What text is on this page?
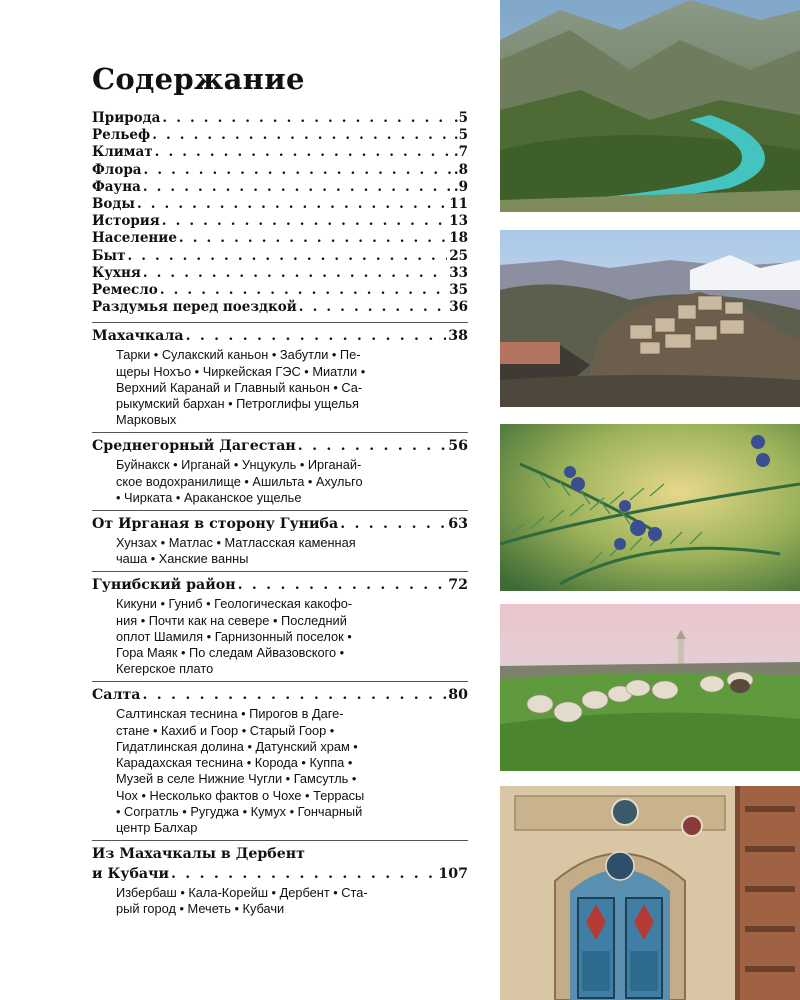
Содержание
Природа . . .	.5
Рельеф . . .	.5
Климат . . .	.7
Флора . . .	.8
Фауна . . .	.9
Воды . . .	11
История . . .	13
Население . . .	18
Быт . . .	25
Кухня . . .	33
Ремесло . . .	35
Раздумья перед поездкой . . .	36
Махачкала . . .	38
Тарки • Сулакский каньон • Забутли • Пе-
щеры Нохъо • Чиркейская ГЭС • Миатли •
Верхний Каранай и Главный каньон • Са-
рыкумский бархан • Петроглифы ущелья
Марковых
Среднегорный Дагестан . . .	56
Буйнакск • Ирганай • Унцукуль • Ирганай-
ское водохранилище • Ашильта • Ахульго
• Чирката • Араканское ущелье
От Ирганая в сторону Гуниба . . .	63
Хунзах • Матлас • Матласская каменная
чаша • Ханские ванны
Гунибский район . . .	72
Кикуни • Гуниб • Геологическая какофо-
ния • Почти как на севере • Последний
оплот Шамиля • Гарнизонный поселок •
Гора Маяк • По следам Айвазовского •
Кегерское плато
Салта . . .	80
Салтинская теснина • Пирогов в Даге-
стане • Кахиб и Гоор • Старый Гоор •
Гидатлинская долина • Датунский храм •
Карадахская теснина • Корода • Куппа •
Музей в селе Нижние Чугли • Гамсутль •
Чох • Несколько фактов о Чохе • Террасы
• Согратль • Ругуджа • Кумух • Гончарный
центр Балхар
Из Махачкалы в Дербент
и Кубачи . . .	107
Избербаш • Кала-Корейш • Дербент • Ста-
рый город • Мечеть • Кубачи
